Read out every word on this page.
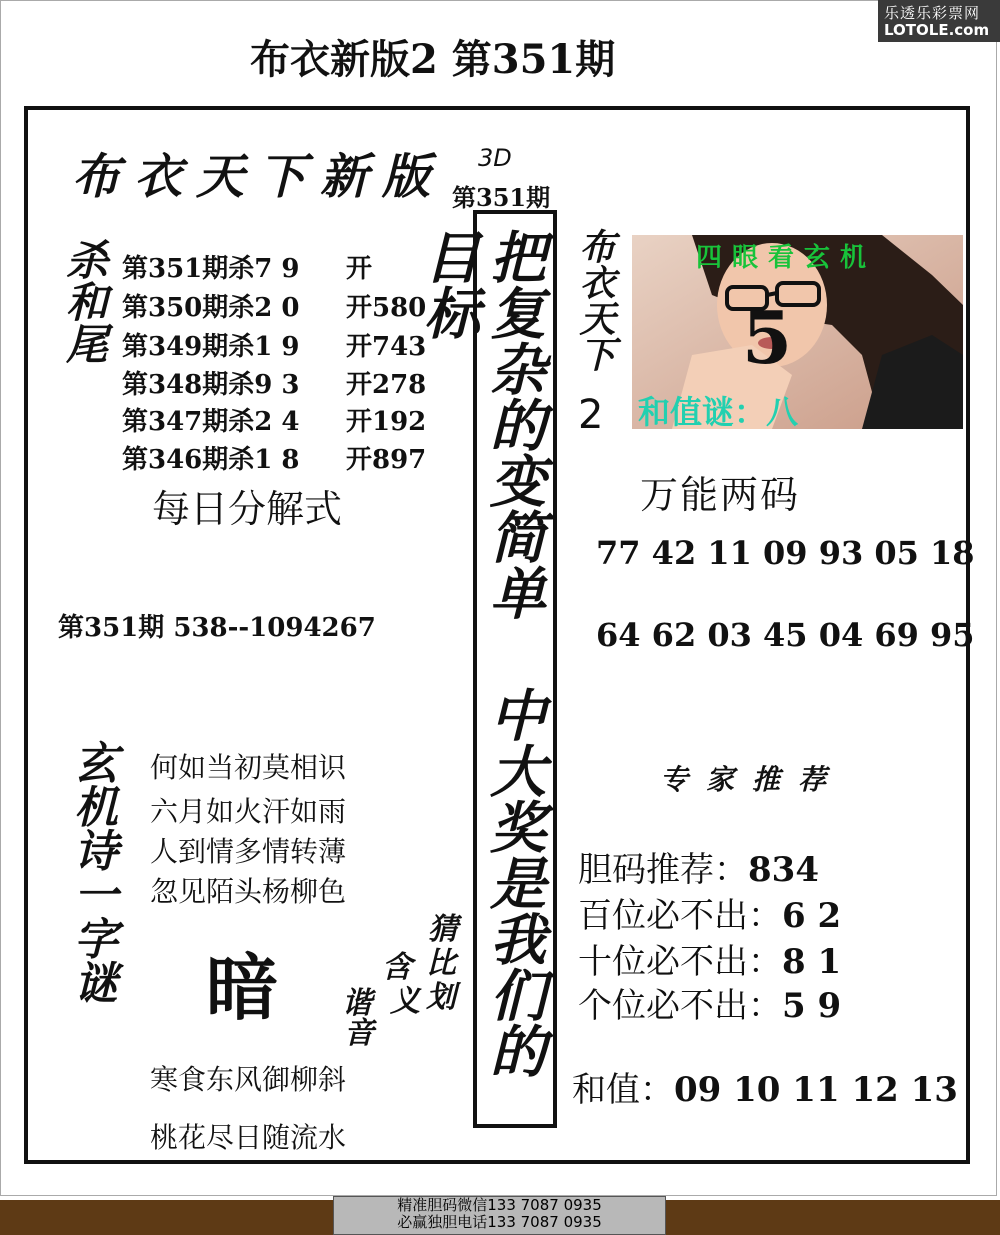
乐透乐彩票网
LOTOLE.com
布衣新版2 第351期
布衣天下新版 3D
第351期
杀和尾 第351期杀7 9 开
第350期杀2 0 开580
第349期杀1 9 开743
第348期杀9 3 开278
第347期杀2 4 开192
第346期杀1 8 开897
每日分解式
第351期 538--1094267
玄机诗一字谜 何如当初莫相识
六月如火汗如雨
人到情多情转薄
忽见陌头杨柳色
暗
猜
比
划
含
义
谐
音
寒食东风御柳斜
桃花尽日随流水
把复杂的变简单 中大奖是我们的目标	布衣天下
2
四眼看玄机
5
和值谜：八
万能两码
77 42 11 09 93 05 18
64 62 03 45 04 69 95
专家推荐
胆码推荐：834
百位必不出：6 2
十位必不出：8 1
个位必不出：5 9
和值：09 10 11 12 13
精准胆码微信133 7087 0935
必赢独胆电话133 7087 0935
